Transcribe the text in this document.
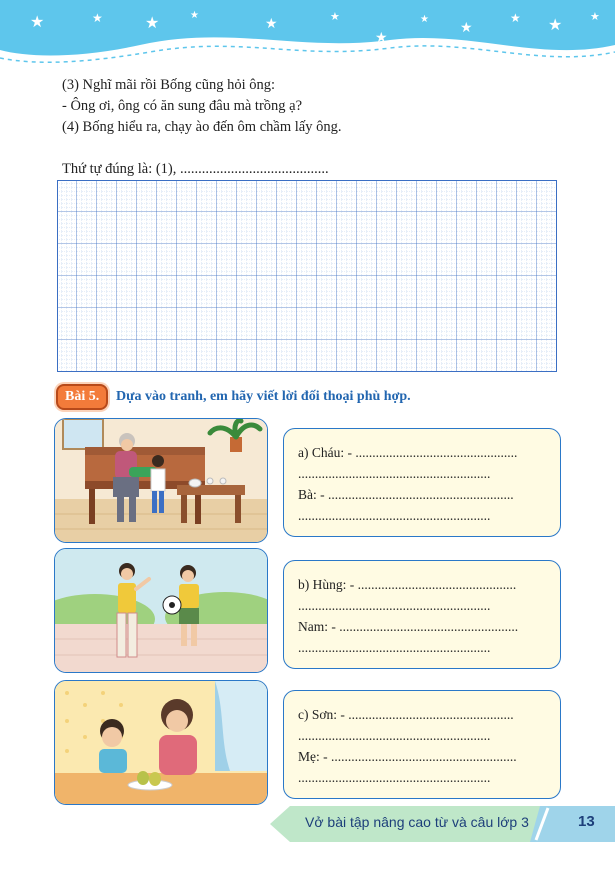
★	★	★	★
★	★
★
★
★
★ ★	★
(3) Nghĩ mãi rồi Bống cũng hỏi ông:
- Ông ơi, ông có ăn sung đâu mà trồng ạ?
(4) Bống hiểu ra, chạy ào đến ôm chầm lấy ông.
Thứ tự đúng là: (1), .........................................
Bài 5. Dựa vào tranh, em hãy viết lời đối thoại phù hợp.
a) Cháu: - ................................................
.........................................................
Bà: - .......................................................
.........................................................
b) Hùng: - ...............................................
.........................................................
Nam: - .....................................................
.........................................................
c) Sơn: - .................................................
.........................................................
Mẹ: - .......................................................
.........................................................
Vở bài tập nâng cao từ và câu lớp 3	13
